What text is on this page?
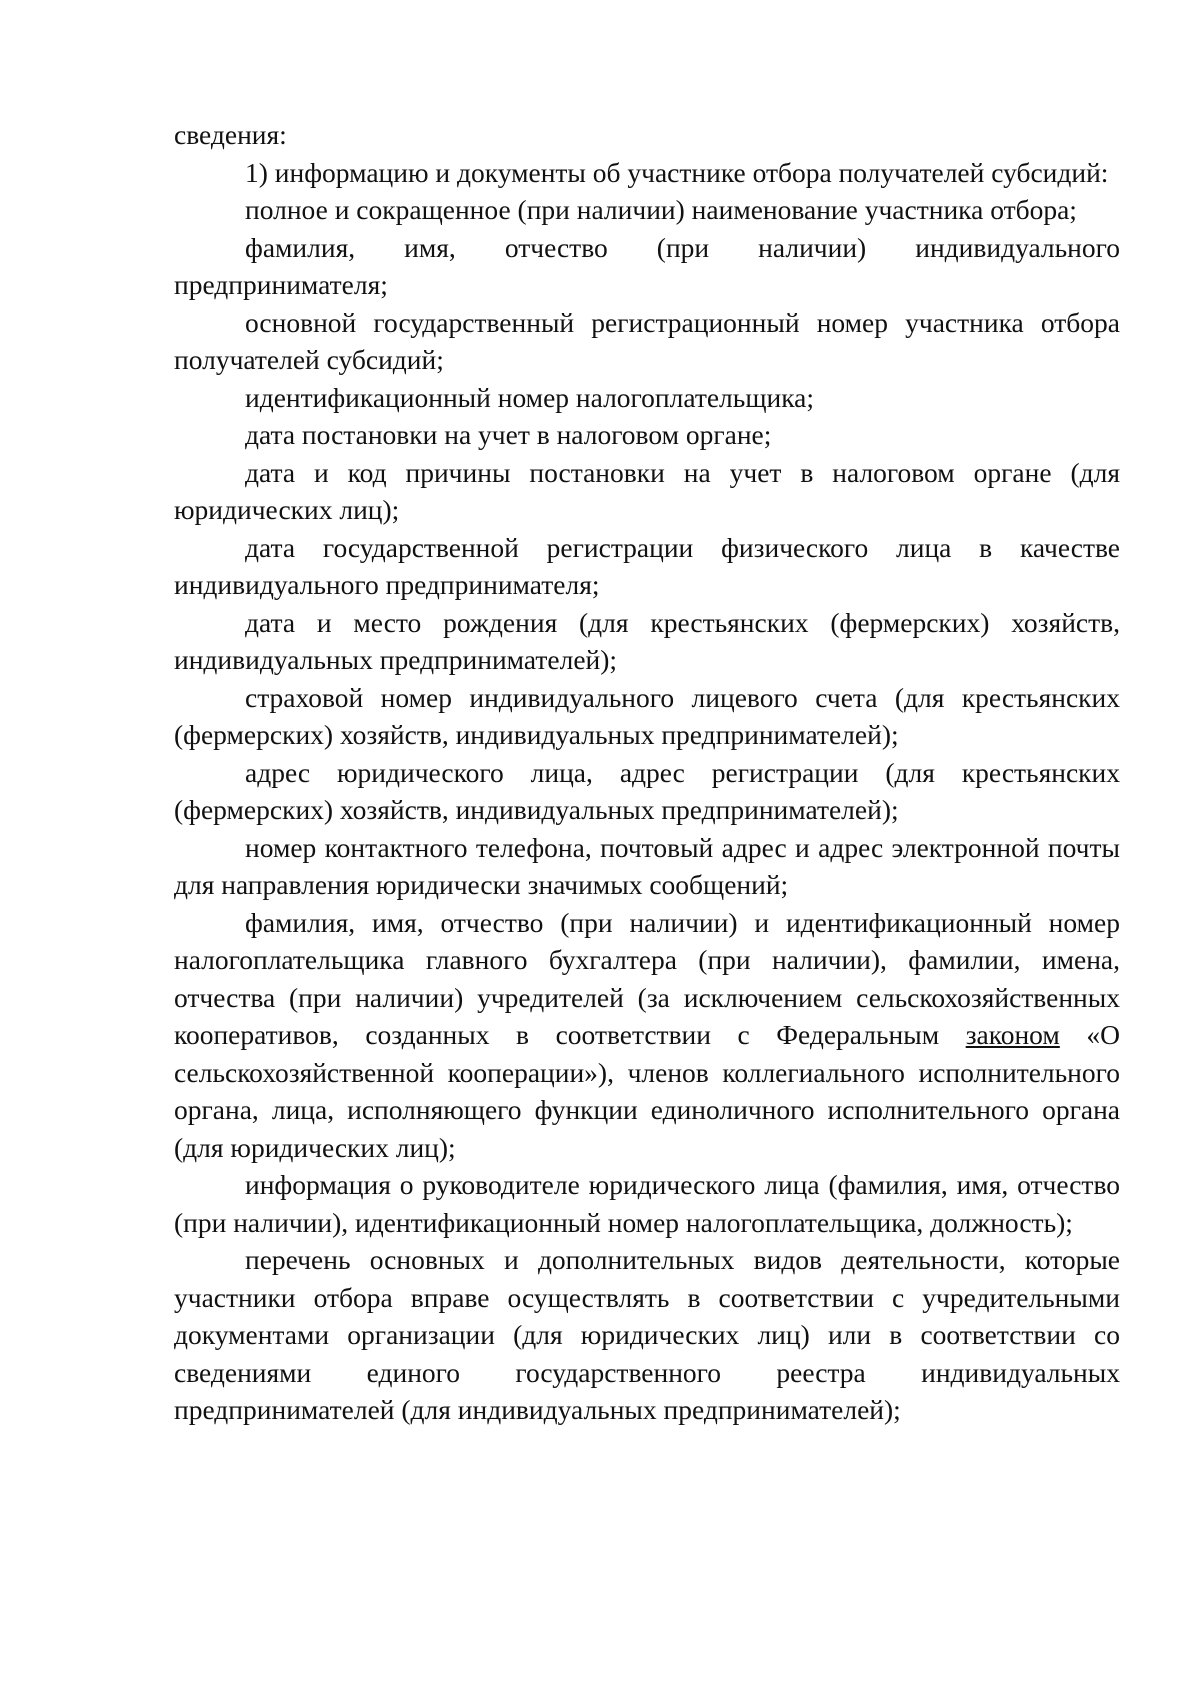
сведения:

1) информацию и документы об участнике отбора получателей субсидий:

полное и сокращенное (при наличии) наименование участника отбора;

фамилия, имя, отчество (при наличии) индивидуального предпринимателя;

основной государственный регистрационный номер участника отбора получателей субсидий;

идентификационный номер налогоплательщика;

дата постановки на учет в налоговом органе;

дата и код причины постановки на учет в налоговом органе (для юридических лиц);

дата государственной регистрации физического лица в качестве индивидуального предпринимателя;

дата и место рождения (для крестьянских (фермерских) хозяйств, индивидуальных предпринимателей);

страховой номер индивидуального лицевого счета (для крестьянских (фермерских) хозяйств, индивидуальных предпринимателей);

адрес юридического лица, адрес регистрации (для крестьянских (фермерских) хозяйств, индивидуальных предпринимателей);

номер контактного телефона, почтовый адрес и адрес электронной почты для направления юридически значимых сообщений;

фамилия, имя, отчество (при наличии) и идентификационный номер налогоплательщика главного бухгалтера (при наличии), фамилии, имена, отчества (при наличии) учредителей (за исключением сельскохозяйственных кооперативов, созданных в соответствии с Федеральным законом «О сельскохозяйственной кооперации»), членов коллегиального исполнительного органа, лица, исполняющего функции единоличного исполнительного органа (для юридических лиц);

информация о руководителе юридического лица (фамилия, имя, отчество (при наличии), идентификационный номер налогоплательщика, должность);

перечень основных и дополнительных видов деятельности, которые участники отбора вправе осуществлять в соответствии с учредительными документами организации (для юридических лиц) или в соответствии со сведениями единого государственного реестра индивидуальных предпринимателей (для индивидуальных предпринимателей);
